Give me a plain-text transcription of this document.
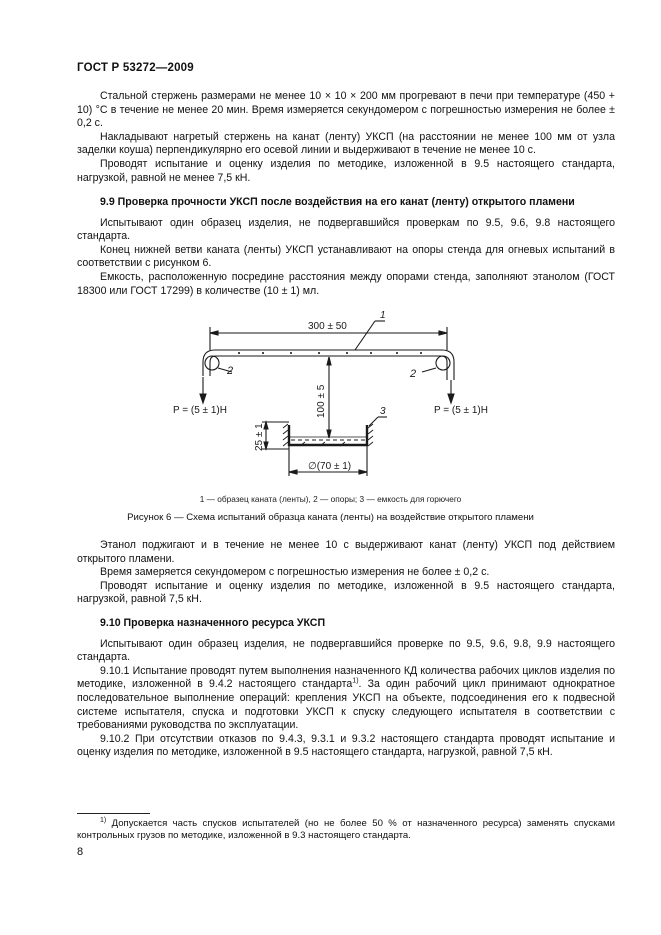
ГОСТ Р 53272—2009

Стальной стержень размерами не менее 10 × 10 × 200 мм прогревают в печи при температуре (450 + 10) °С в течение не менее 20 мин. Время измеряется секундомером с погрешностью измерения не более ± 0,2 с.

Накладывают нагретый стержень на канат (ленту) УКСП (на расстоянии не менее 100 мм от узла заделки коуша) перпендикулярно его осевой линии и выдерживают в течение не менее 10 с.

Проводят испытание и оценку изделия по методике, изложенной в 9.5 настоящего стандарта, нагрузкой, равной не менее 7,5 кН.

9.9 Проверка прочности УКСП после воздействия на его канат (ленту) открытого пламени

Испытывают один образец изделия, не подвергавшийся проверкам по 9.5, 9.6, 9.8 настоящего стандарта.

Конец нижней ветви каната (ленты) УКСП устанавливают на опоры стенда для огневых испытаний в соответствии с рисунком 6.

Емкость, расположенную посредине расстояния между опорами стенда, заполняют этанолом (ГОСТ 18300 или ГОСТ 17299) в количестве (10 ± 1) мл.

300 ± 50
1
2	2
P = (5 ± 1)H	P = (5 ± 1)H
100 ± 5	3
25 ± 1
∅(70 ± 1)
1 — образец каната (ленты), 2 — опоры; 3 — емкость для горючего
Рисунок 6 — Схема испытаний образца каната (ленты) на воздействие открытого пламени

Этанол поджигают и в течение не менее 10 с выдерживают канат (ленту) УКСП под действием открытого пламени.

Время замеряется секундомером с погрешностью измерения не более ± 0,2 с.

Проводят испытание и оценку изделия по методике, изложенной в 9.5 настоящего стандарта, нагрузкой, равной 7,5 кН.

9.10 Проверка назначенного ресурса УКСП

Испытывают один образец изделия, не подвергавшийся проверке по 9.5, 9.6, 9.8, 9.9 настоящего стандарта.

9.10.1 Испытание проводят путем выполнения назначенного КД количества рабочих циклов изделия по методике, изложенной в 9.4.2 настоящего стандарта$^{1)}$. За один рабочий цикл принимают однократное последовательное выполнение операций: крепления УКСП на объекте, подсоединения его к подвесной системе испытателя, спуска и подготовки УКСП к спуску следующего испытателя в соответствии с требованиями руководства по эксплуатации.

9.10.2 При отсутствии отказов по 9.4.3, 9.3.1 и 9.3.2 настоящего стандарта проводят испытание и оценку изделия по методике, изложенной в 9.5 настоящего стандарта, нагрузкой, равной 7,5 кН.

$^{1)}$ Допускается часть спусков испытателей (но не более 50 % от назначенного ресурса) заменять спусками контрольных грузов по методике, изложенной в 9.3 настоящего стандарта.
8
